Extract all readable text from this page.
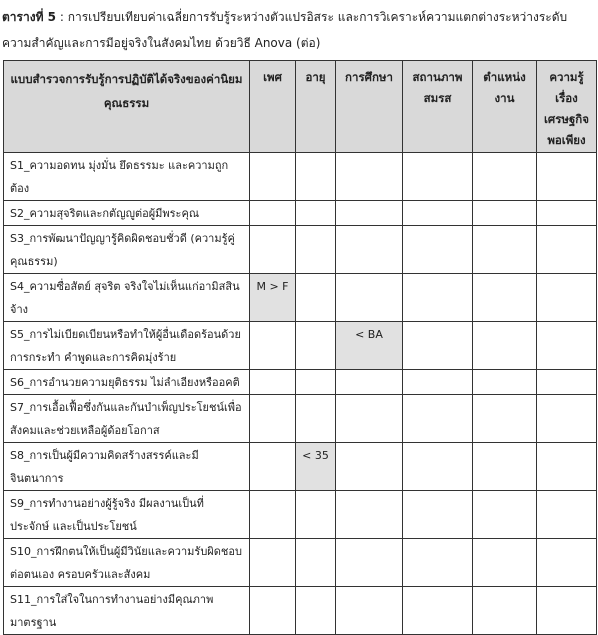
ตารางที่ 5 : การเปรียบเทียบค่าเฉลี่ยการรับรู้ระหว่างตัวแปรอิสระ และการวิเคราะห์ความแตกต่างระหว่างระดับความสำคัญและการมีอยู่จริงในสังคมไทย ด้วยวิธี Anova (ต่อ)
แบบสำรวจการรับรู้การปฏิบัติได้จริงของค่านิยมคุณธรรม	เพศ	อายุ	การศึกษา	สถานภาพสมรส	ตำแหน่งงาน	ความรู้เรื่องเศรษฐกิจพอเพียง
S1_ความอดทน มุ่งมั่น ยึดธรรมะ และความถูกต้อง						
S2_ความสุจริตและกตัญญูต่อผู้มีพระคุณ						
S3_การพัฒนาปัญญารู้คิดผิดชอบชั่วดี (ความรู้คู่คุณธรรม)						
S4_ความซื่อสัตย์ สุจริต จริงใจไม่เห็นแก่อามิสสินจ้าง	M > F					
S5_การไม่เบียดเบียนหรือทำให้ผู้อื่นเดือดร้อนด้วยการกระทำ คำพูดและการคิดมุ่งร้าย			< BA			
S6_การอำนวยความยุติธรรม ไม่ลำเอียงหรืออคติ						
S7_การเอื้อเฟื้อซึ่งกันและกันบำเพ็ญประโยชน์เพื่อสังคมและช่วยเหลือผู้ด้อยโอกาส						
S8_การเป็นผู้มีความคิดสร้างสรรค์และมีจินตนาการ		< 35				
S9_การทำงานอย่างผู้รู้จริง มีผลงานเป็นที่ประจักษ์ และเป็นประโยชน์						
S10_การฝึกตนให้เป็นผู้มีวินัยและความรับผิดชอบต่อตนเอง ครอบครัวและสังคม						
S11_การใส่ใจในการทำงานอย่างมีคุณภาพมาตรฐาน						
